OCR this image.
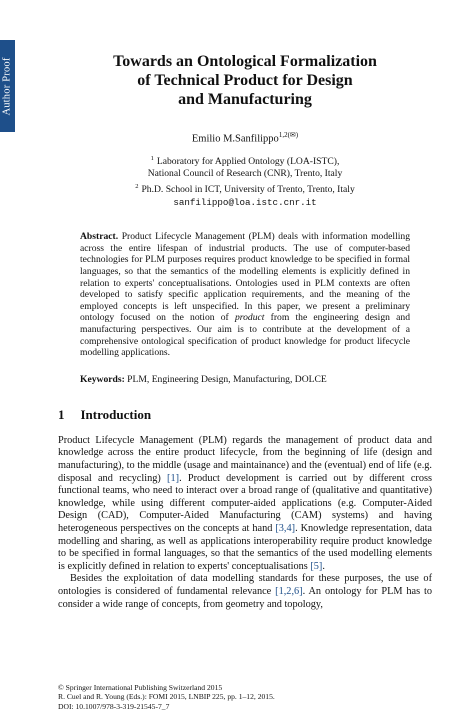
Author Proof	Towards an Ontological Formalization
of Technical Product for Design
and Manufacturing
Emilio M.Sanfilippo$^{1,2(✉)}$
$^1$ Laboratory for Applied Ontology (LOA-ISTC),
National Council of Research (CNR), Trento, Italy
$^2$ Ph.D. School in ICT, University of Trento, Trento, Italy
sanfilippo@loa.istc.cnr.it
Abstract. Product Lifecycle Management (PLM) deals with information modelling across the entire lifespan of industrial products. The use of computer-based technologies for PLM purposes requires product knowledge to be specified in formal languages, so that the semantics of the modelling elements is explicitly defined in relation to experts' conceptualisations. Ontologies used in PLM contexts are often developed to satisfy specific application requirements, and the meaning of the employed concepts is left unspecified. In this paper, we present a preliminary ontology focused on the notion of product from the engineering design and manufacturing perspectives. Our aim is to contribute at the development of a comprehensive ontological specification of product knowledge for product lifecycle modelling applications.
Keywords: PLM, Engineering Design, Manufacturing, DOLCE
1 Introduction

Product Lifecycle Management (PLM) regards the management of product data and knowledge across the entire product lifecycle, from the beginning of life (design and manufacturing), to the middle (usage and maintainance) and the (eventual) end of life (e.g. disposal and recycling) [1]. Product development is carried out by different cross functional teams, who need to interact over a broad range of (qualitative and quantitative) knowledge, while using different computer-aided applications (e.g. Computer-Aided Design (CAD), Computer-Aided Manufacturing (CAM) systems) and having heterogeneous perspectives on the concepts at hand [3,4]. Knowledge representation, data modelling and sharing, as well as applications interoperability require product knowledge to be specified in formal languages, so that the semantics of the used modelling elements is explicitly defined in relation to experts' conceptualisations [5].

Besides the exploitation of data modelling standards for these purposes, the use of ontologies is considered of fundamental relevance [1,2,6]. An ontology for PLM has to consider a wide range of concepts, from geometry and topology,

© Springer International Publishing Switzerland 2015
R. Cuel and R. Young (Eds.): FOMI 2015, LNBIP 225, pp. 1–12, 2015.
DOI: 10.1007/978-3-319-21545-7_7
